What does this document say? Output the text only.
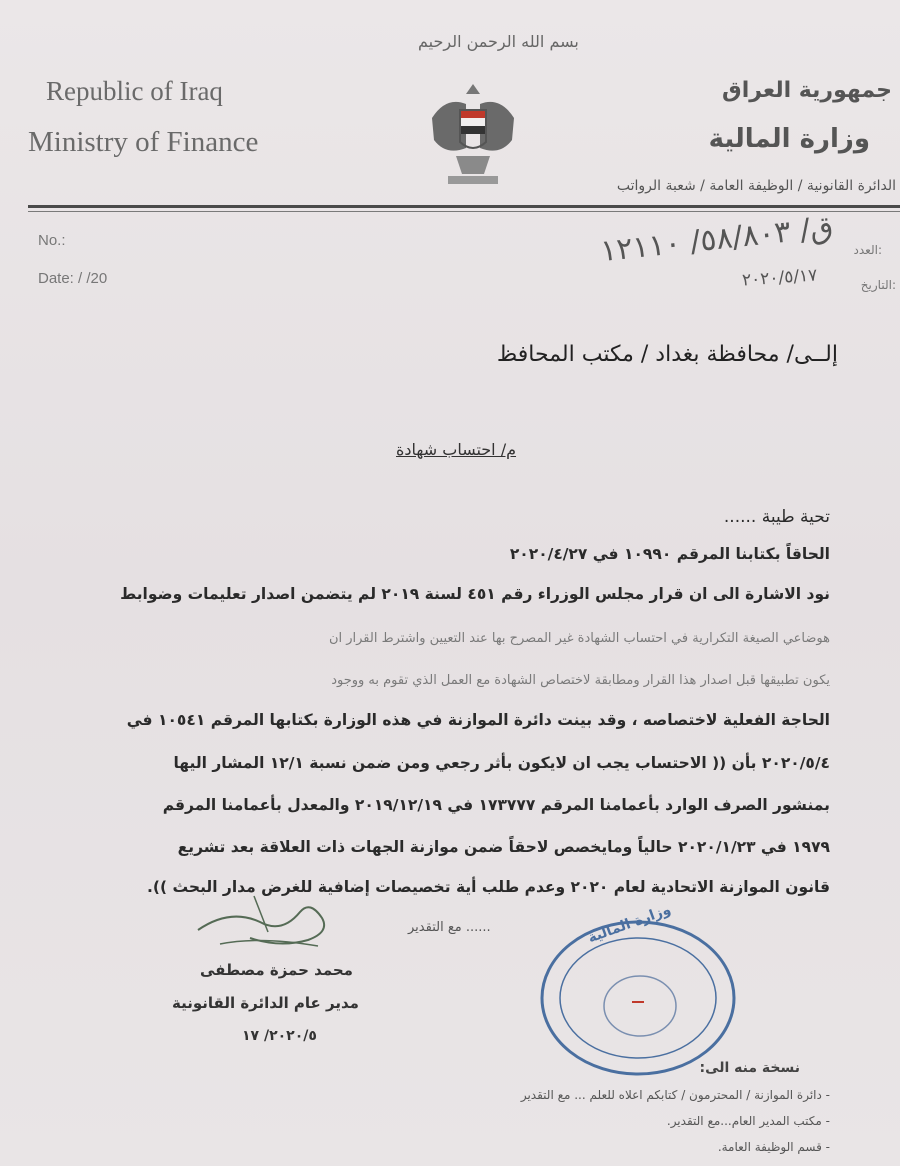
بسم الله الرحمن الرحيم
Republic of Iraq
Ministry of Finance
جمهورية العراق
وزارة المالية
الدائرة القانونية / الوظيفة العامة / شعبة الرواتب
No.:
Date: / /20
ق/ ٥٨/٨٠٣/ ١٢١١٠
العدد:
٢٠٢٠/٥/١٧	التاريخ:
إلــى/ محافظة بغداد / مكتب المحافظ
م/ احتساب شهادة
تحية طيبة ......
الحاقاً بكتابنا المرقم ١٠٩٩٠ في ٢٠٢٠/٤/٢٧
نود الاشارة الى ان قرار مجلس الوزراء رقم ٤٥١ لسنة ٢٠١٩ لم يتضمن اصدار تعليمات وضوابط
هوضاعي الصيغة التكرارية في احتساب الشهادة غير المصرح بها عند التعيين واشترط القرار ان
يكون تطبيقها قبل اصدار هذا القرار ومطابقة لاختصاص الشهادة مع العمل الذي تقوم به ووجود
الحاجة الفعلية لاختصاصه ، وقد بينت دائرة الموازنة في هذه الوزارة بكتابها المرقم ١٠٥٤١ في
٢٠٢٠/٥/٤ بأن (( الاحتساب يجب ان لايكون بأثر رجعي ومن ضمن نسبة ١٢/١ المشار اليها
بمنشور الصرف الوارد بأعمامنا المرقم ١٧٣٧٧٧ في ٢٠١٩/١٢/١٩ والمعدل بأعمامنا المرقم
١٩٧٩ في ٢٠٢٠/١/٢٣ حالياً ومايخصص لاحقاً ضمن موازنة الجهات ذات العلاقة بعد تشريع
قانون الموازنة الاتحادية لعام ٢٠٢٠ وعدم طلب أية تخصيصات إضافية للغرض مدار البحث )).
...... مع التقدير
محمد حمزة مصطفى
مدير عام الدائرة القانونية
٢٠٢٠/٥/ ١٧
وزارة المالية
نسخة منه الى:
- دائرة الموازنة / المحترمون / كتابكم اعلاه للعلم ... مع التقدير
- مكتب المدير العام...مع التقدير.
- قسم الوظيفة العامة.
